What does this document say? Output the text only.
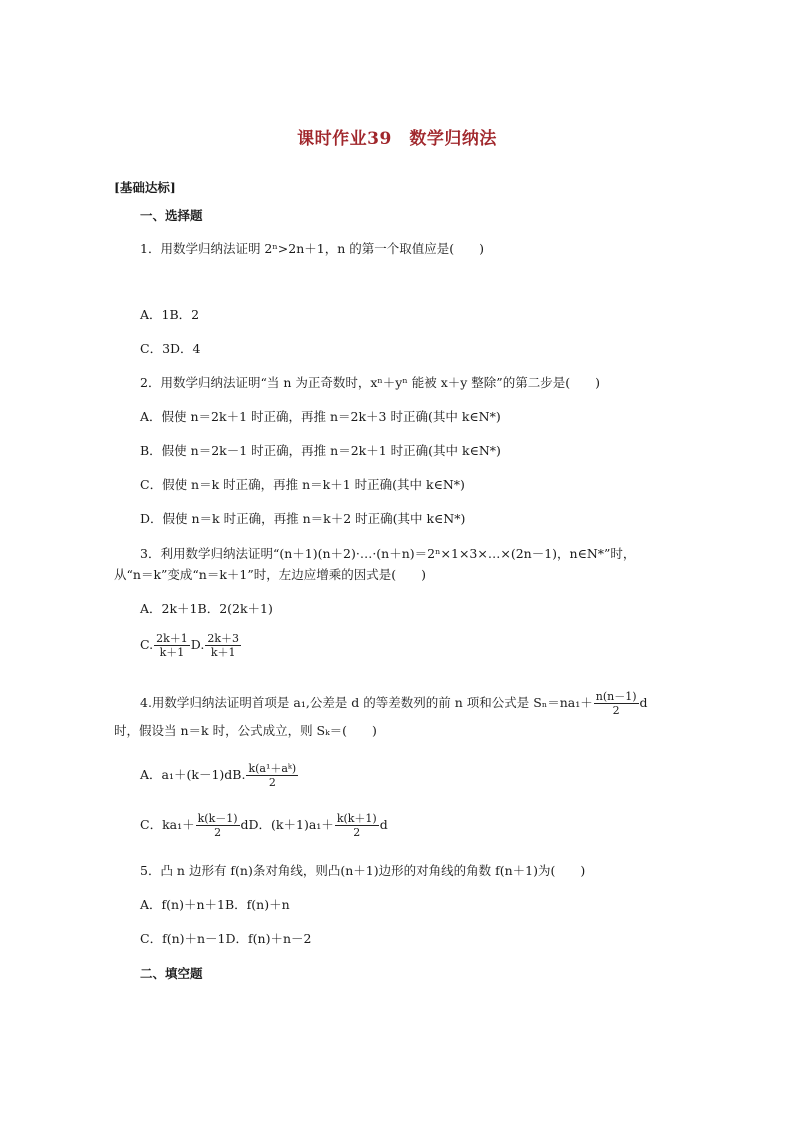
课时作业39　数学归纳法
[基础达标]
一、选择题
1．用数学归纳法证明 2ⁿ>2n＋1，n 的第一个取值应是(　　)
A．1B．2
C．3D．4
2．用数学归纳法证明“当 n 为正奇数时，xⁿ＋yⁿ 能被 x＋y 整除”的第二步是(　　)
A．假使 n＝2k＋1 时正确，再推 n＝2k＋3 时正确(其中 k∈N*)
B．假使 n＝2k－1 时正确，再推 n＝2k＋1 时正确(其中 k∈N*)
C．假使 n＝k 时正确，再推 n＝k＋1 时正确(其中 k∈N*)
D．假使 n＝k 时正确，再推 n＝k＋2 时正确(其中 k∈N*)
3．利用数学归纳法证明“(n＋1)(n＋2)·…·(n＋n)＝2ⁿ×1×3×…×(2n－1)，n∈N*”时，
从“n＝k”变成“n＝k＋1”时，左边应增乘的因式是(　　)
A．2k＋1B．2(2k＋1)
C. $\frac{2k+1}{k+1} D$. $\frac{2k+3}{k+1}$
4.用数学归纳法证明首项是 a₁,公差是 d 的等差数列的前 n 项和公式是 $S_n=na_1+ \frac{n(n-1)}{2}$ d
时，假设当 n＝k 时，公式成立，则 Sₖ＝(　　)
A．a₁＋(k－1)dB. $\frac{\text{k(a¹＋aᵏ)}}{2}$
C．$ka_1+ \frac{k(k-1)}{2}$ dD．$(k+1)a_1+ \frac{k(k+1)}{2}$ d
5．凸 n 边形有 f(n)条对角线，则凸(n＋1)边形的对角线的角数 f(n＋1)为(　　)
A．f(n)＋n＋1B．f(n)＋n
C．f(n)＋n－1D．f(n)＋n－2
二、填空题
